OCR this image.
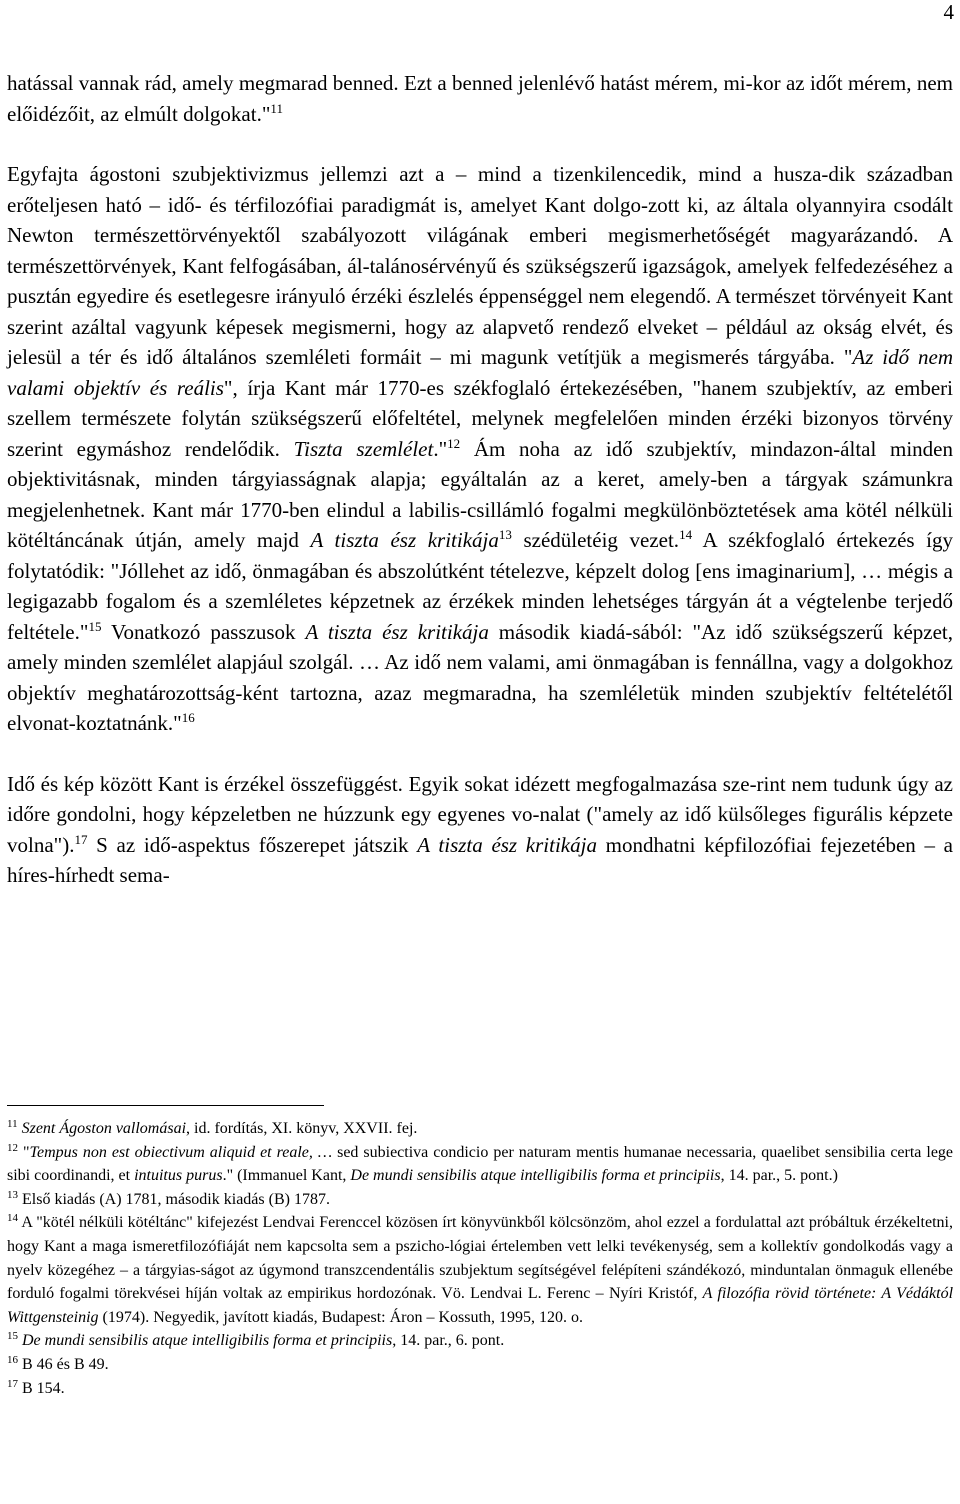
4

hatással vannak rád, amely megmarad benned. Ezt a benned jelenlévő hatást mérem, mi-kor az időt mérem, nem előidézőit, az elmúlt dolgokat."$^{11}$

Egyfajta ágostoni szubjektivizmus jellemzi azt a – mind a tizenkilencedik, mind a husza-dik században erőteljesen ható – idő- és térfilozófiai paradigmát is, amelyet Kant dolgo-zott ki, az általa olyannyira csodált Newton természettörvényektől szabályozott világának emberi megismerhetőségét magyarázandó. A természettörvények, Kant felfogásában, ál-talánosérvényű és szükségszerű igazságok, amelyek felfedezéséhez a pusztán egyedire és esetlegesre irányuló érzéki észlelés éppenséggel nem elegendő. A természet törvényeit Kant szerint azáltal vagyunk képesek megismerni, hogy az alapvető rendező elveket – például az okság elvét, és jelesül a tér és idő általános szemléleti formáit – mi magunk vetítjük a megismerés tárgyába. "Az idő nem valami objektív és reális", írja Kant már 1770-es székfoglaló értekezésében, "hanem szubjektív, az emberi szellem természete folytán szükségszerű előfeltétel, melynek megfelelően minden érzéki bizonyos törvény szerint egymáshoz rendelődik. Tiszta szemlélet."$^{12}$ Ám noha az idő szubjektív, mindazon-által minden objektivitásnak, minden tárgyiasságnak alapja; egyáltalán az a keret, amely-ben a tárgyak számunkra megjelenhetnek. Kant már 1770-ben elindul a labilis-csillámló fogalmi megkülönböztetések ama kötél nélküli kötéltáncának útján, amely majd A tiszta ész kritikája$^{13}$ szédületéig vezet.$^{14}$ A székfoglaló értekezés így folytatódik: "Jóllehet az idő, önmagában és abszolútként tételezve, képzelt dolog [ens imaginarium], … mégis a legigazabb fogalom és a szemléletes képzetnek az érzékek minden lehetséges tárgyán át a végtelenbe terjedő feltétele."$^{15}$ Vonatkozó passzusok A tiszta ész kritikája második kiadá-sából: "Az idő szükségszerű képzet, amely minden szemlélet alapjául szolgál. … Az idő nem valami, ami önmagában is fennállna, vagy a dolgokhoz objektív meghatározottság-ként tartozna, azaz megmaradna, ha szemléletük minden szubjektív feltételétől elvonat-koztatnánk."$^{16}$

Idő és kép között Kant is érzékel összefüggést. Egyik sokat idézett megfogalmazása sze-rint nem tudunk úgy az időre gondolni, hogy képzeletben ne húzzunk egy egyenes vo-nalat ("amely az idő külsőleges figurális képzete volna").$^{17}$ S az idő-aspektus főszerepet játszik A tiszta ész kritikája mondhatni képfilozófiai fejezetében – a híres-hírhedt sema-

$^{11}$ Szent Ágoston vallomásai, id. fordítás, XI. könyv, XXVII. fej.

$^{12}$ "Tempus non est obiectivum aliquid et reale, … sed subiectiva condicio per naturam mentis humanae necessaria, quaelibet sensibilia certa lege sibi coordinandi, et intuitus purus." (Immanuel Kant, De mundi sensibilis atque intelligibilis forma et principiis, 14. par., 5. pont.)

$^{13}$ Első kiadás (A) 1781, második kiadás (B) 1787.

$^{14}$ A "kötél nélküli kötéltánc" kifejezést Lendvai Ferenccel közösen írt könyvünkből kölcsönzöm, ahol ezzel a fordulattal azt próbáltuk érzékeltetni, hogy Kant a maga ismeretfilozófiáját nem kapcsolta sem a pszicho-lógiai értelemben vett lelki tevékenység, sem a kollektív gondolkodás vagy a nyelv közegéhez – a tárgyias-ságot az úgymond transzcendentális szubjektum segítségével felépíteni szándékozó, minduntalan önmaguk ellenébe forduló fogalmi törekvései híján voltak az empirikus hordozónak. Vö. Lendvai L. Ferenc – Nyíri Kristóf, A filozófia rövid története: A Védáktól Wittgensteinig (1974). Negyedik, javított kiadás, Budapest: Áron – Kossuth, 1995, 120. o.

$^{15}$ De mundi sensibilis atque intelligibilis forma et principiis, 14. par., 6. pont.

$^{16}$ B 46 és B 49.

$^{17}$ B 154.
